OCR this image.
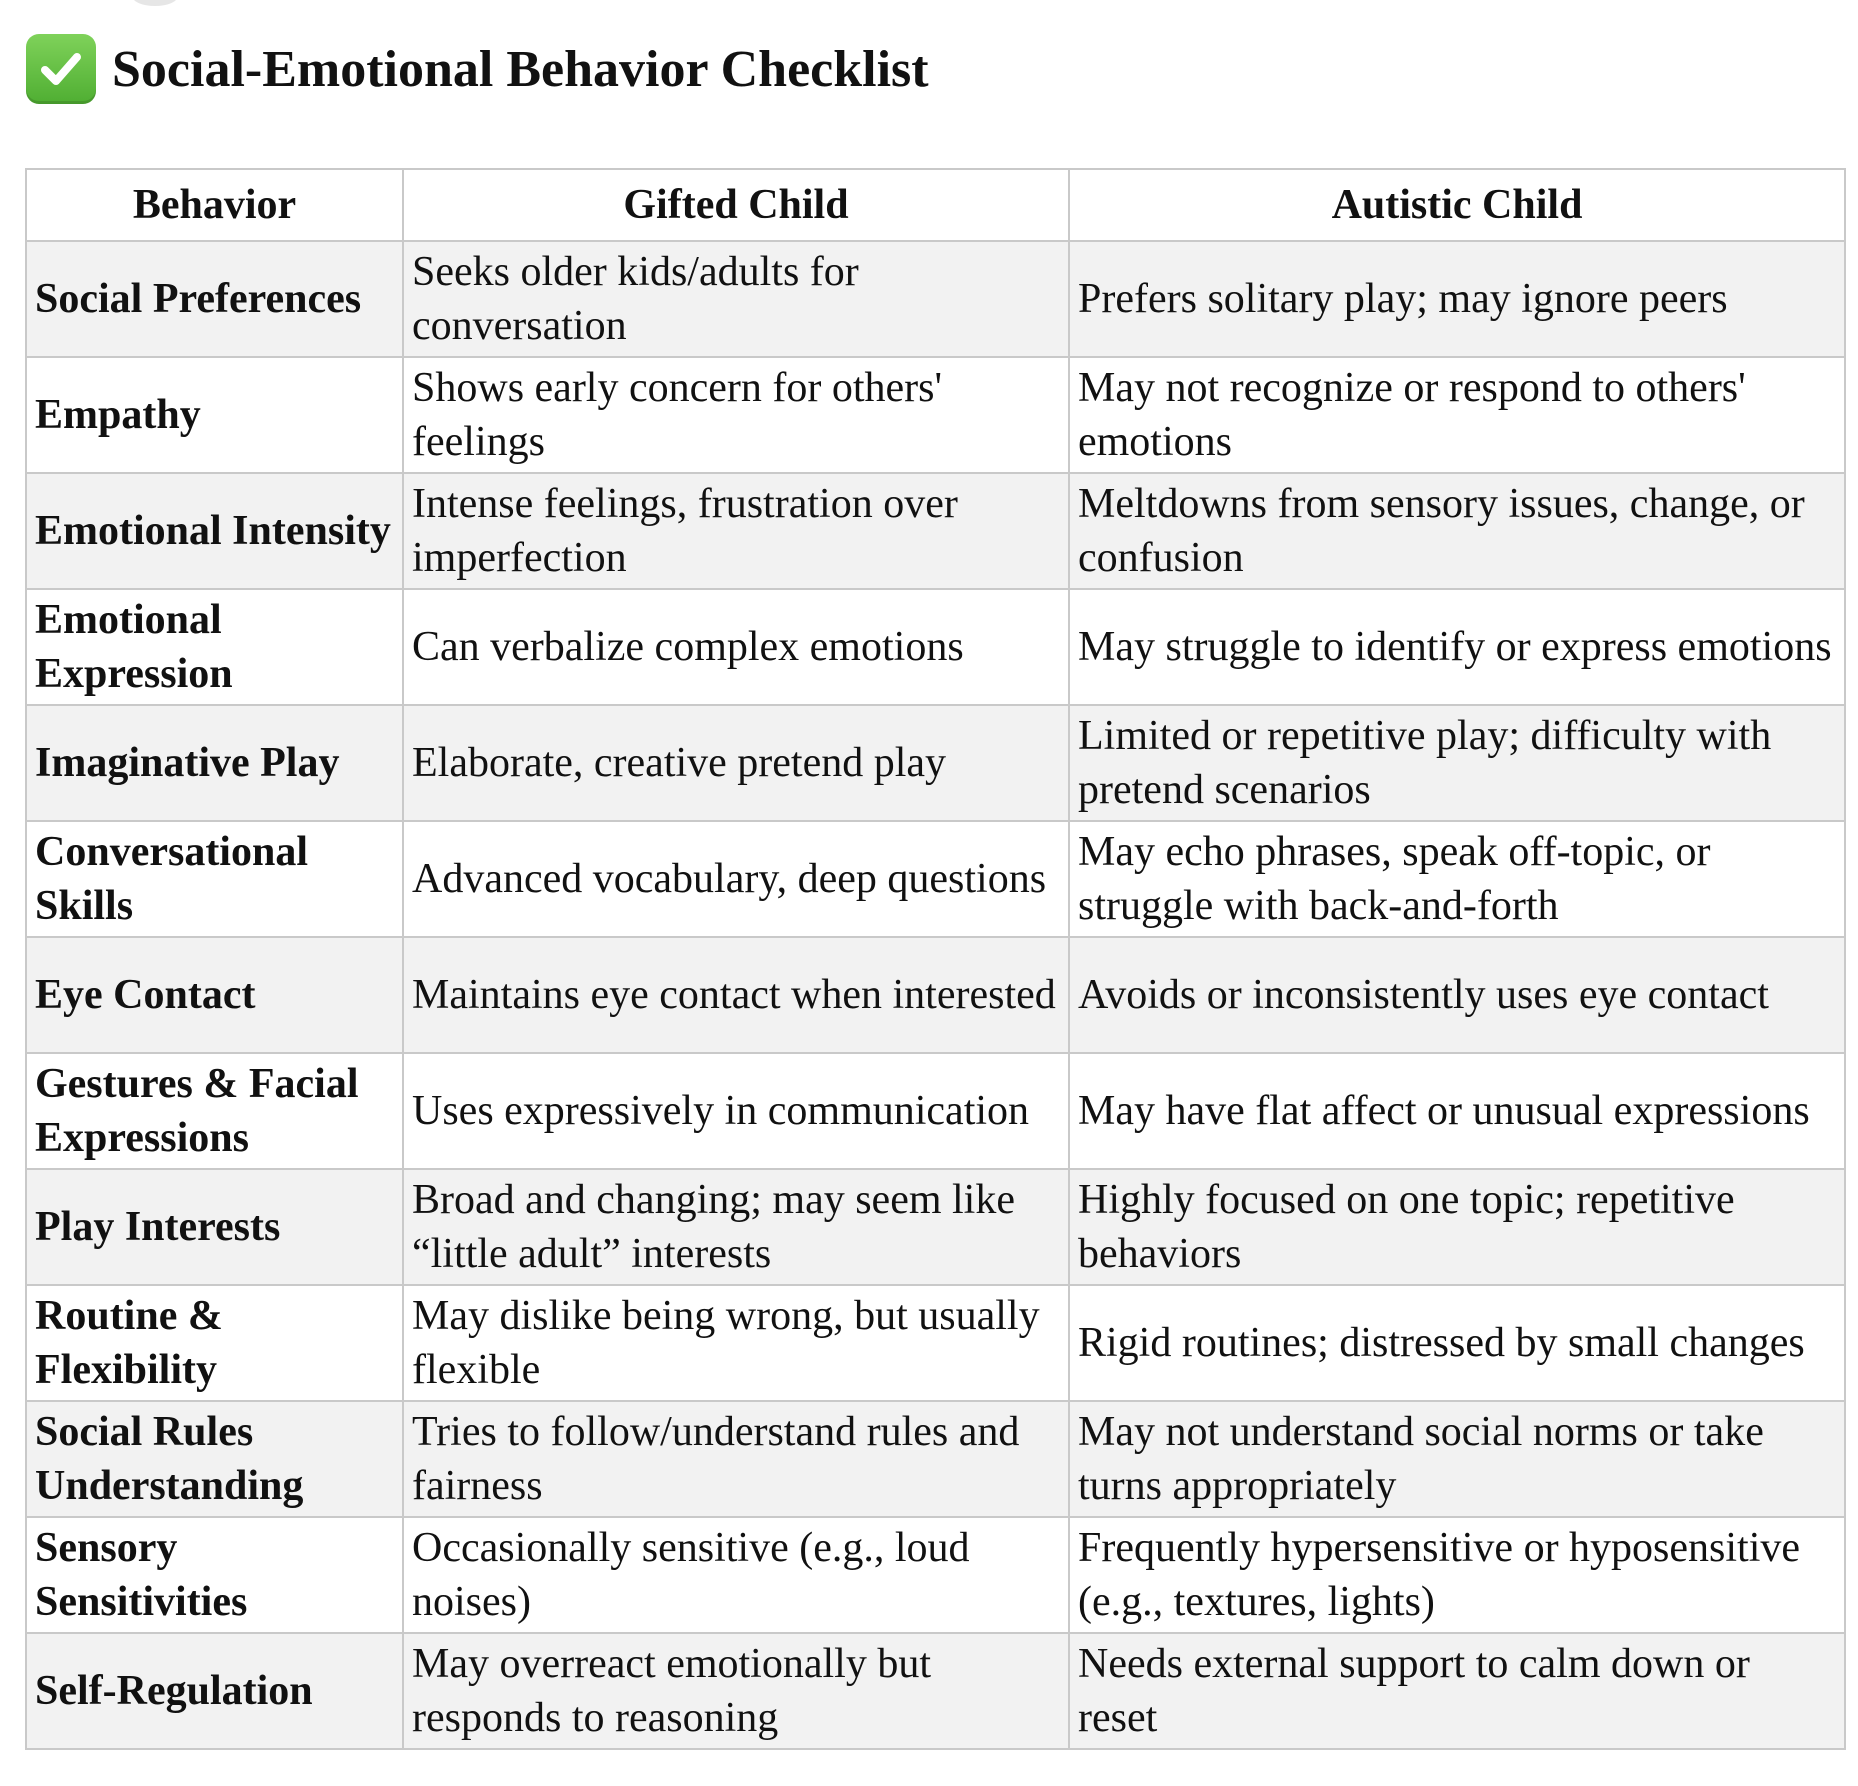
Social-Emotional Behavior Checklist
Behavior	Gifted Child	Autistic Child
Social Preferences	Seeks older kids/adults for conversation	Prefers solitary play; may ignore peers
Empathy	Shows early concern for others' feelings	May not recognize or respond to others' emotions
Emotional Intensity	Intense feelings, frustration over imperfection	Meltdowns from sensory issues, change, or confusion
Emotional Expression	Can verbalize complex emotions	May struggle to identify or express emotions
Imaginative Play	Elaborate, creative pretend play	Limited or repetitive play; difficulty with pretend scenarios
Conversational Skills	Advanced vocabulary, deep questions	May echo phrases, speak off-topic, or struggle with back-and-forth
Eye Contact	Maintains eye contact when interested	Avoids or inconsistently uses eye contact
Gestures & Facial Expressions	Uses expressively in communication	May have flat affect or unusual expressions
Play Interests	Broad and changing; may seem like “little adult” interests	Highly focused on one topic; repetitive behaviors
Routine & Flexibility	May dislike being wrong, but usually flexible	Rigid routines; distressed by small changes
Social Rules Understanding	Tries to follow/understand rules and fairness	May not understand social norms or take turns appropriately
Sensory Sensitivities	Occasionally sensitive (e.g., loud noises)	Frequently hypersensitive or hyposensitive (e.g., textures, lights)
Self-Regulation	May overreact emotionally but responds to reasoning	Needs external support to calm down or reset
